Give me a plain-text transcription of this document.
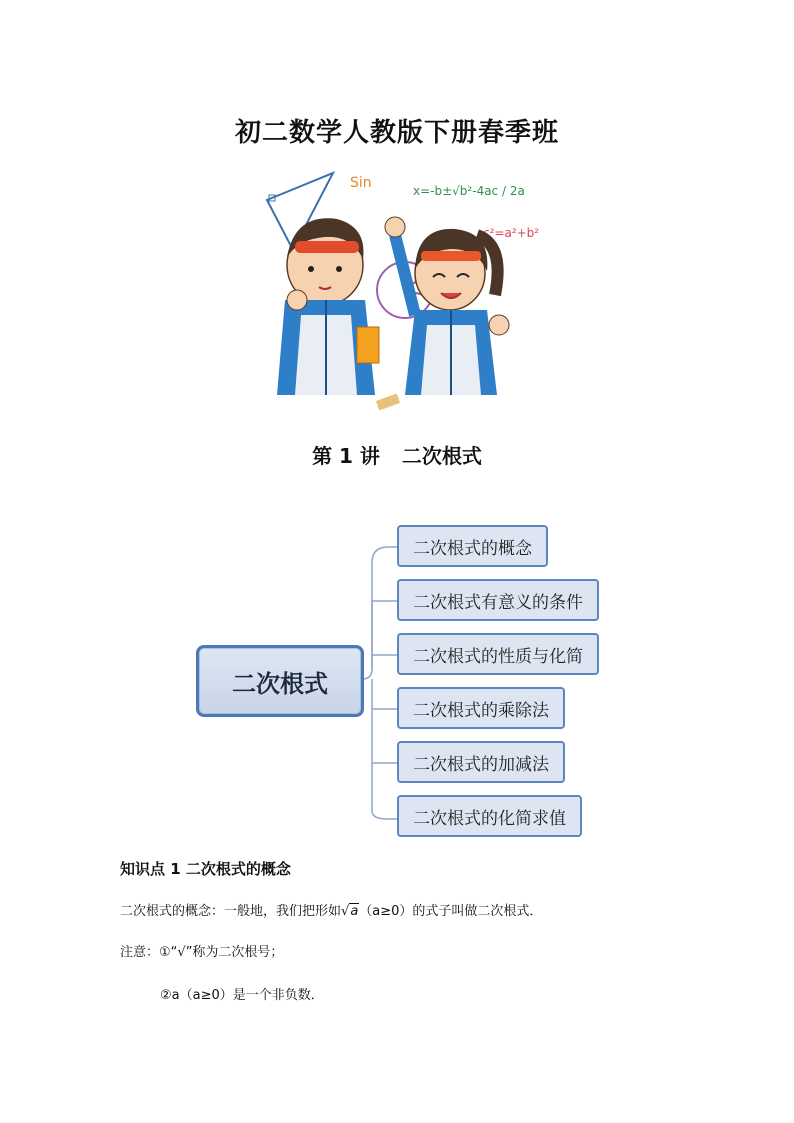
初二数学人教版下册春季班
Sin	x=-b±√b²-4ac / 2a
c²=a²+b²
第 1 讲 二次根式
二次根式
二次根式的概念
二次根式有意义的条件
二次根式的性质与化简
二次根式的乘除法
二次根式的加减法
二次根式的化简求值
知识点 1 二次根式的概念
二次根式的概念：一般地，我们把形如√a（a≥0）的式子叫做二次根式．
注意：①“√”称为二次根号；
②a（a≥0）是一个非负数．
